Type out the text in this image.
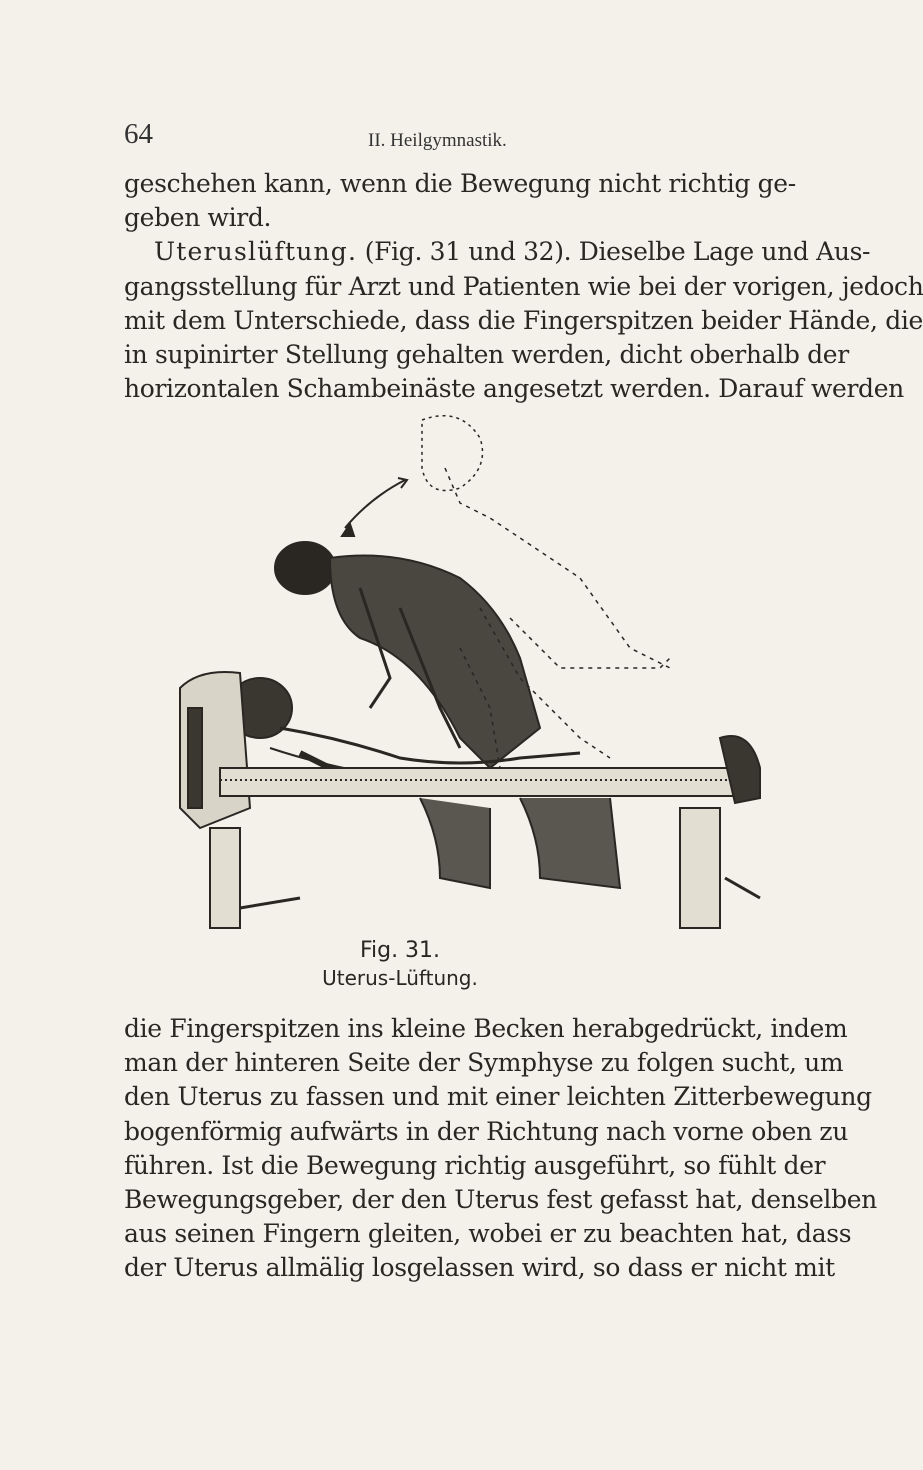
64	II. Heilgymnastik.
geschehen kann, wenn die Bewegung nicht richtig ge-
geben wird.
Uteruslüftung. (Fig. 31 und 32). Dieselbe Lage und Aus-
gangsstellung für Arzt und Patienten wie bei der vorigen, jedoch
mit dem Unterschiede, dass die Fingerspitzen beider Hände, die
in supinirter Stellung gehalten werden, dicht oberhalb der
horizontalen Schambeinäste angesetzt werden. Darauf werden
Fig. 31.
Uterus-Lüftung.
die Fingerspitzen ins kleine Becken herabgedrückt, indem
man der hinteren Seite der Symphyse zu folgen sucht, um
den Uterus zu fassen und mit einer leichten Zitterbewegung
bogenförmig aufwärts in der Richtung nach vorne oben zu
führen. Ist die Bewegung richtig ausgeführt, so fühlt der
Bewegungsgeber, der den Uterus fest gefasst hat, denselben
aus seinen Fingern gleiten, wobei er zu beachten hat, dass
der Uterus allmälig losgelassen wird, so dass er nicht mit
